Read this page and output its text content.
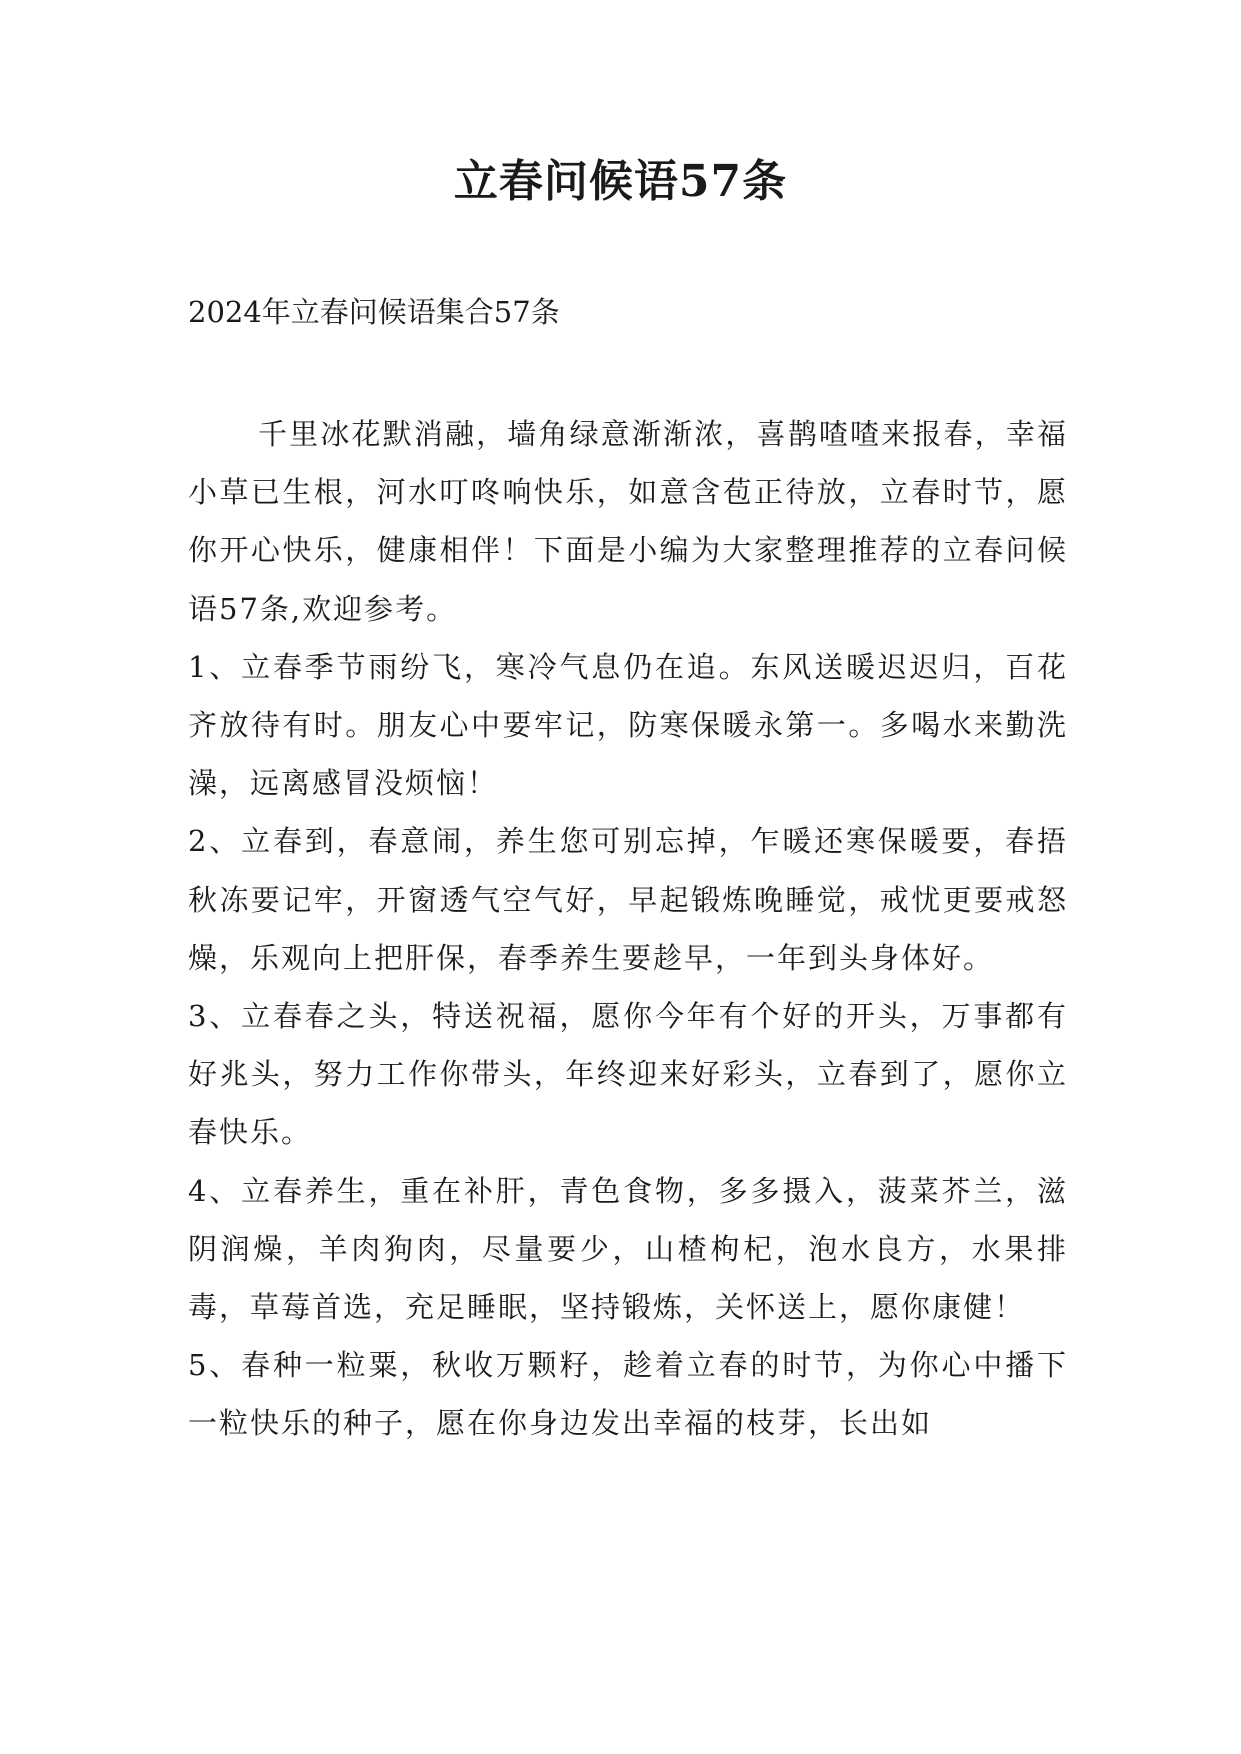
立春问候语57条

2024年立春问候语集合57条

千里冰花默消融，墙角绿意渐渐浓，喜鹊喳喳来报春，幸福小草已生根，河水叮咚响快乐，如意含苞正待放，立春时节，愿你开心快乐，健康相伴！下面是小编为大家整理推荐的立春问候语57条,欢迎参考。

1、立春季节雨纷飞，寒冷气息仍在追。东风送暖迟迟归，百花齐放待有时。朋友心中要牢记，防寒保暖永第一。多喝水来勤洗澡，远离感冒没烦恼！

2、立春到，春意闹，养生您可别忘掉，乍暖还寒保暖要，春捂秋冻要记牢，开窗透气空气好，早起锻炼晚睡觉，戒忧更要戒怒燥，乐观向上把肝保，春季养生要趁早，一年到头身体好。

3、立春春之头，特送祝福，愿你今年有个好的开头，万事都有好兆头，努力工作你带头，年终迎来好彩头，立春到了，愿你立春快乐。

4、立春养生，重在补肝，青色食物，多多摄入，菠菜芥兰，滋阴润燥，羊肉狗肉，尽量要少，山楂枸杞，泡水良方，水果排毒，草莓首选，充足睡眠，坚持锻炼，关怀送上，愿你康健！

5、春种一粒粟，秋收万颗籽，趁着立春的时节，为你心中播下一粒快乐的种子，愿在你身边发出幸福的枝芽，长出如
